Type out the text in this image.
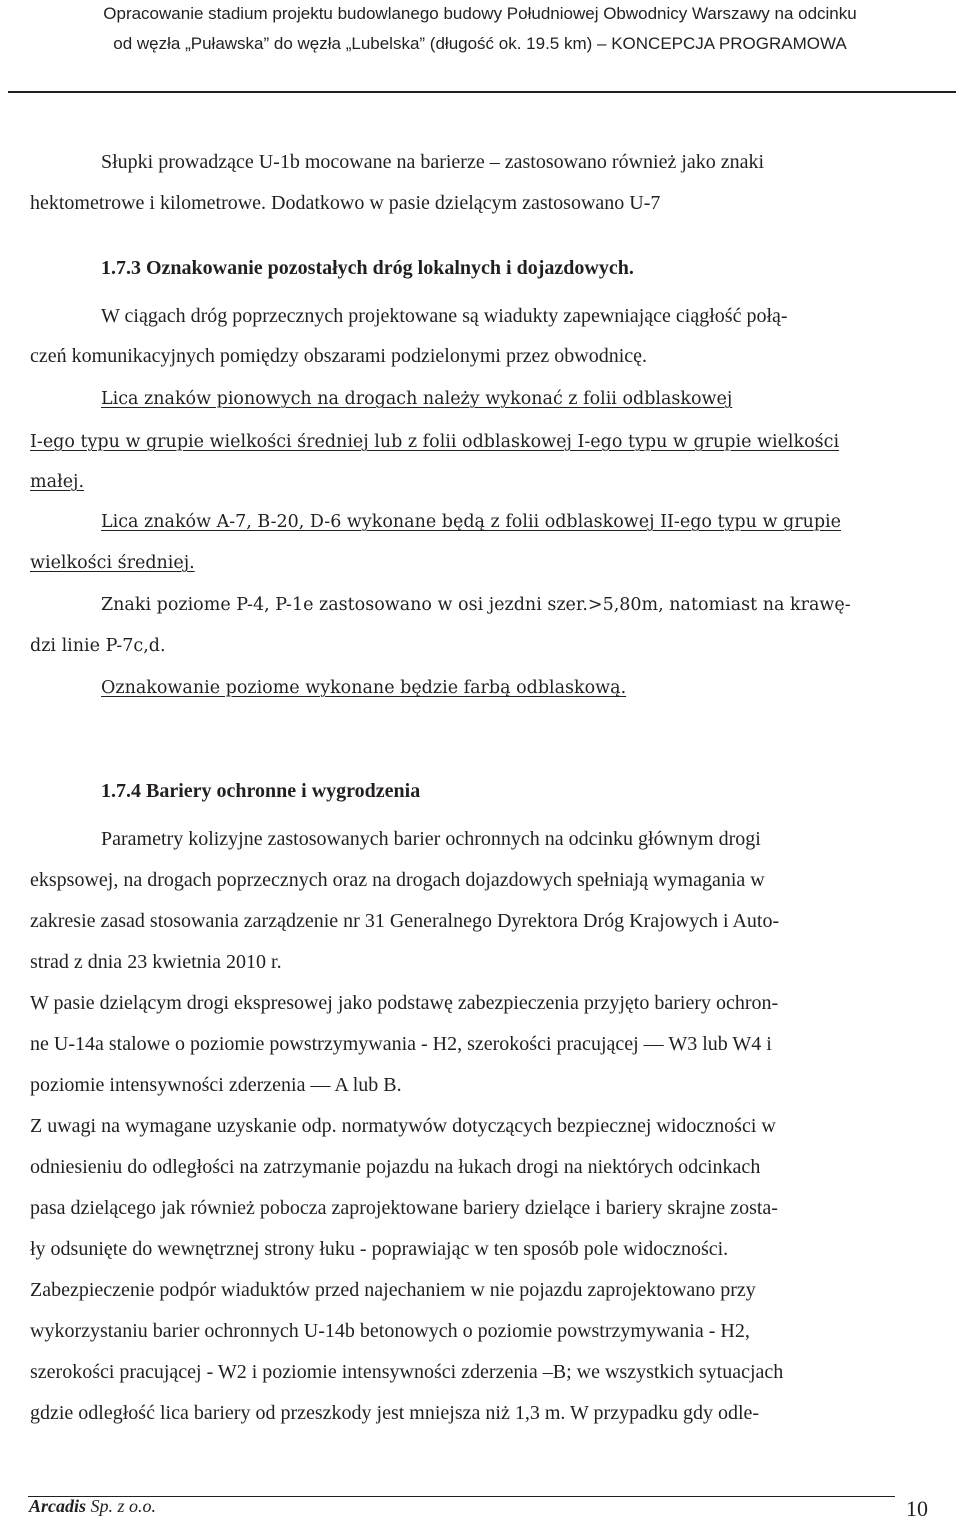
Opracowanie stadium projektu budowlanego budowy Południowej Obwodnicy Warszawy na odcinku
od węzła „Puławska” do węzła „Lubelska” (długość ok. 19.5 km) – KONCEPCJA PROGRAMOWA
Słupki prowadzące U-1b mocowane na barierze – zastosowano również jako znaki
hektometrowe i kilometrowe. Dodatkowo w pasie dzielącym zastosowano U-7
1.7.3 Oznakowanie pozostałych dróg lokalnych i dojazdowych.
W ciągach dróg poprzecznych projektowane są wiadukty zapewniające ciągłość połą-
czeń komunikacyjnych pomiędzy obszarami podzielonymi przez obwodnicę.
Lica znaków pionowych na drogach należy wykonać z folii odblaskowej
I-ego typu w grupie wielkości średniej lub z folii odblaskowej I-ego typu w grupie wielkości
małej.
Lica znaków A-7, B-20, D-6 wykonane będą z folii odblaskowej II-ego typu w grupie
wielkości średniej.
Znaki poziome P-4, P-1e zastosowano w osi jezdni szer.>5,80m, natomiast na krawę-
dzi linie P-7c,d.
Oznakowanie poziome wykonane będzie farbą odblaskową.
1.7.4 Bariery ochronne i wygrodzenia
Parametry kolizyjne zastosowanych barier ochronnych na odcinku głównym drogi
ekspsowej, na drogach poprzecznych oraz na drogach dojazdowych spełniają wymagania w
zakresie zasad stosowania zarządzenie nr 31 Generalnego Dyrektora Dróg Krajowych i Auto-
strad z dnia 23 kwietnia 2010 r.
W pasie dzielącym drogi ekspresowej jako podstawę zabezpieczenia przyjęto bariery ochron-
ne U-14a stalowe o poziomie powstrzymywania - H2, szerokości pracującej — W3 lub W4 i
poziomie intensywności zderzenia — A lub B.
Z uwagi na wymagane uzyskanie odp. normatywów dotyczących bezpiecznej widoczności w
odniesieniu do odległości na zatrzymanie pojazdu na łukach drogi na niektórych odcinkach
pasa dzielącego jak również pobocza zaprojektowane bariery dzielące i bariery skrajne zosta-
ły odsunięte do wewnętrznej strony łuku - poprawiając w ten sposób pole widoczności.
Zabezpieczenie podpór wiaduktów przed najechaniem w nie pojazdu zaprojektowano przy
wykorzystaniu barier ochronnych U-14b betonowych o poziomie powstrzymywania - H2,
szerokości pracującej - W2 i poziomie intensywności zderzenia –B; we wszystkich sytuacjach
gdzie odległość lica bariery od przeszkody jest mniejsza niż 1,3 m. W przypadku gdy odle-
Arcadis Sp. z o.o.	10
